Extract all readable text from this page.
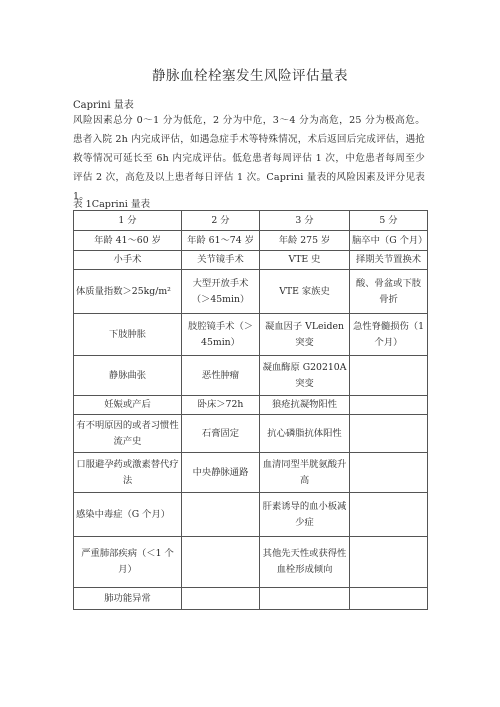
静脉血栓栓塞发生风险评估量表
Caprini 量表
风险因素总分 0～1 分为低危，2 分为中危，3～4 分为高危，25 分为极高危。患者入院 2h 内完成评估，如遇急症手术等特殊情况，术后返回后完成评估，遇抢救等情况可延长至 6h 内完成评估。低危患者每周评估 1 次，中危患者每周至少评估 2 次，高危及以上患者每日评估 1 次。Caprini 量表的风险因素及评分见表 1。
表 1Caprini 量表
1 分	2 分	3 分	5 分
年龄 41～60 岁	年龄 61～74 岁	年龄 275 岁	脑卒中（G 个月）
小手术	关节镜手术	VTE 史	择期关节置换术
体质量指数＞25kg/m²	大型开放手术（＞45min）	VTE 家族史	酸、骨盆或下肢骨折
下肢肿胀	肢腔镜手术（＞45min）	凝血因子 VLeiden 突变	急性脊髓损伤（1 个月）
静脉曲张	恶性肿瘤	凝血酶原 G20210A 突变	
妊娠或产后	卧床＞72h	狼疮抗凝物阳性	
有不明原因的或者习惯性流产史	石膏固定	抗心磷脂抗体阳性	
口服避孕药或激素替代疗法	中央静脉通路	血清同型半胱氨酸升高	
感染中毒症（G 个月）		肝素诱导的血小板减少症	
严重肺部疾病（＜1 个月）		其他先天性或获得性血栓形成倾向	
肺功能异常			
